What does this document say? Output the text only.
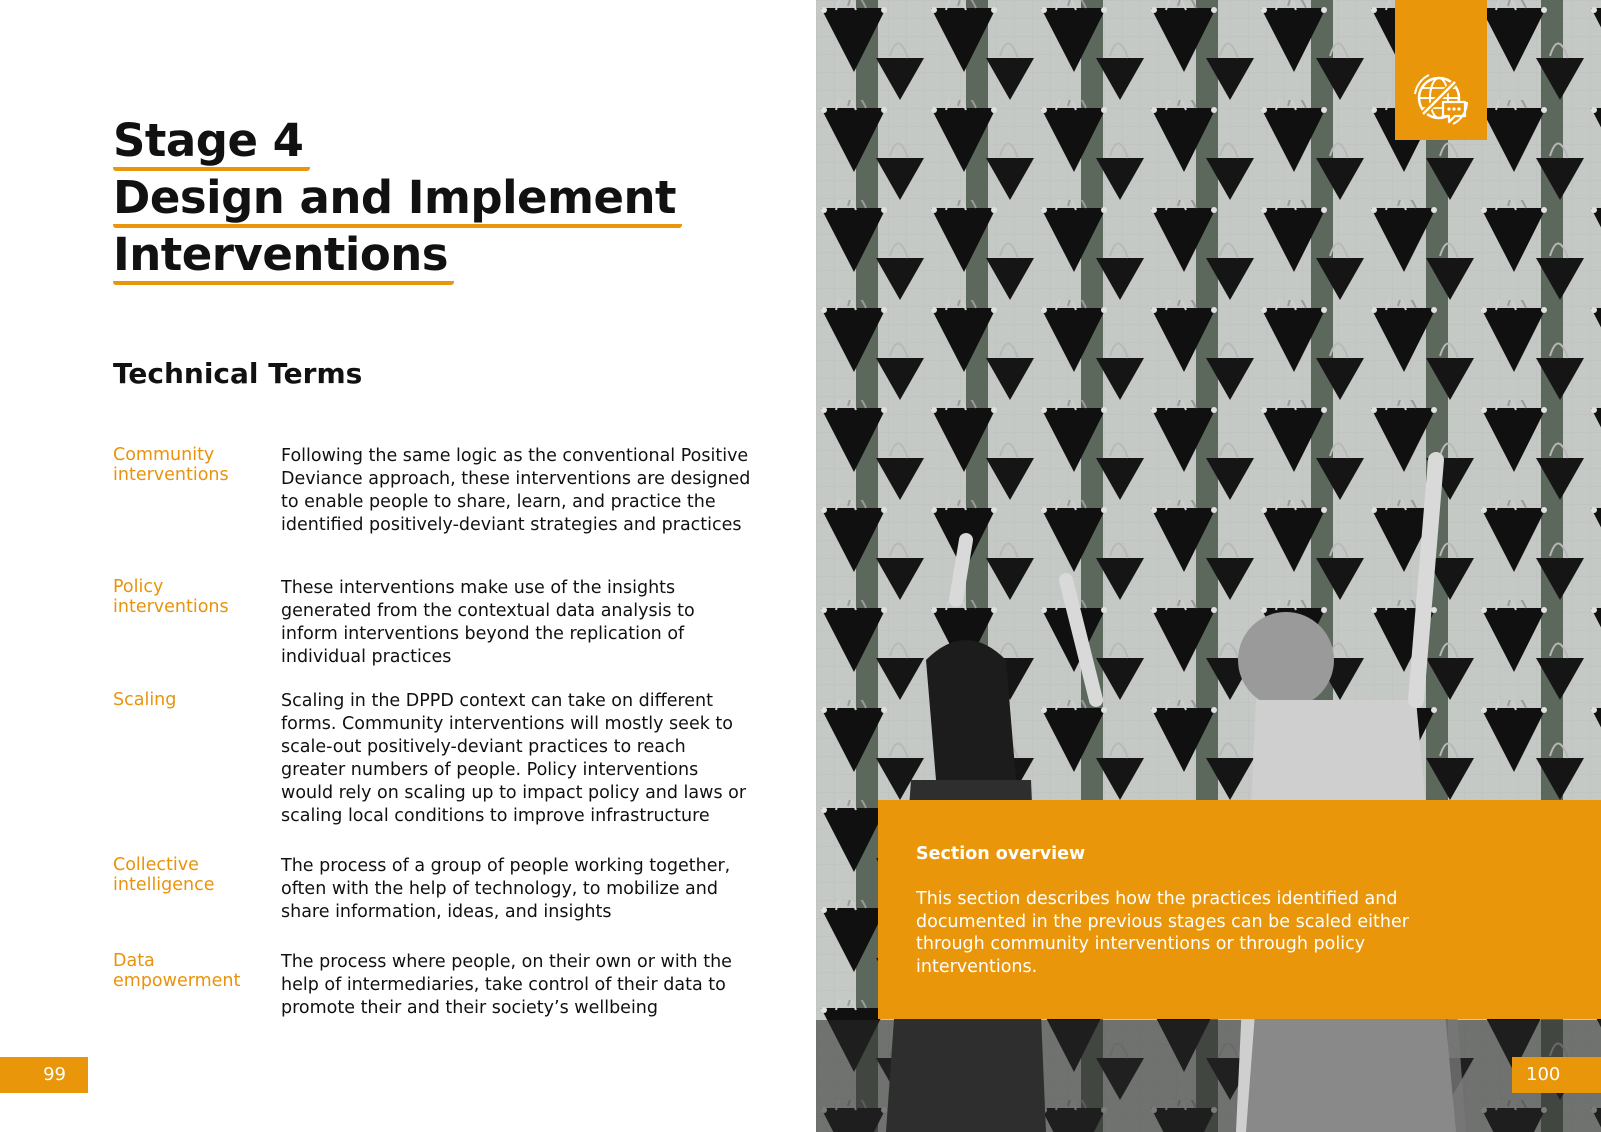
Stage 4
Design and Implement
Interventions
Technical Terms
Community interventions
Following the same logic as the conventional Positive Deviance approach, these interventions are designed to enable people to share, learn, and practice the identified positively-deviant strategies and practices
Policy interventions
These interventions make use of the insights generated from the contextual data analysis to inform interventions beyond the replication of individual practices
Scaling	Scaling in the DPPD context can take on different forms. Community interventions will mostly seek to scale-out positively-deviant practices to reach greater numbers of people. Policy interventions would rely on scaling up to impact policy and laws or scaling local conditions to improve infrastructure
Collective intelligence
The process of a group of people working together, often with the help of technology, to mobilize and share information, ideas, and insights
Data empowerment
The process where people, on their own or with the help of intermediaries, take control of their data to promote their and their society’s wellbeing
99
Section overview
This section describes how the practices identified and documented in the previous stages can be scaled either through community interventions or through policy interventions.
100
